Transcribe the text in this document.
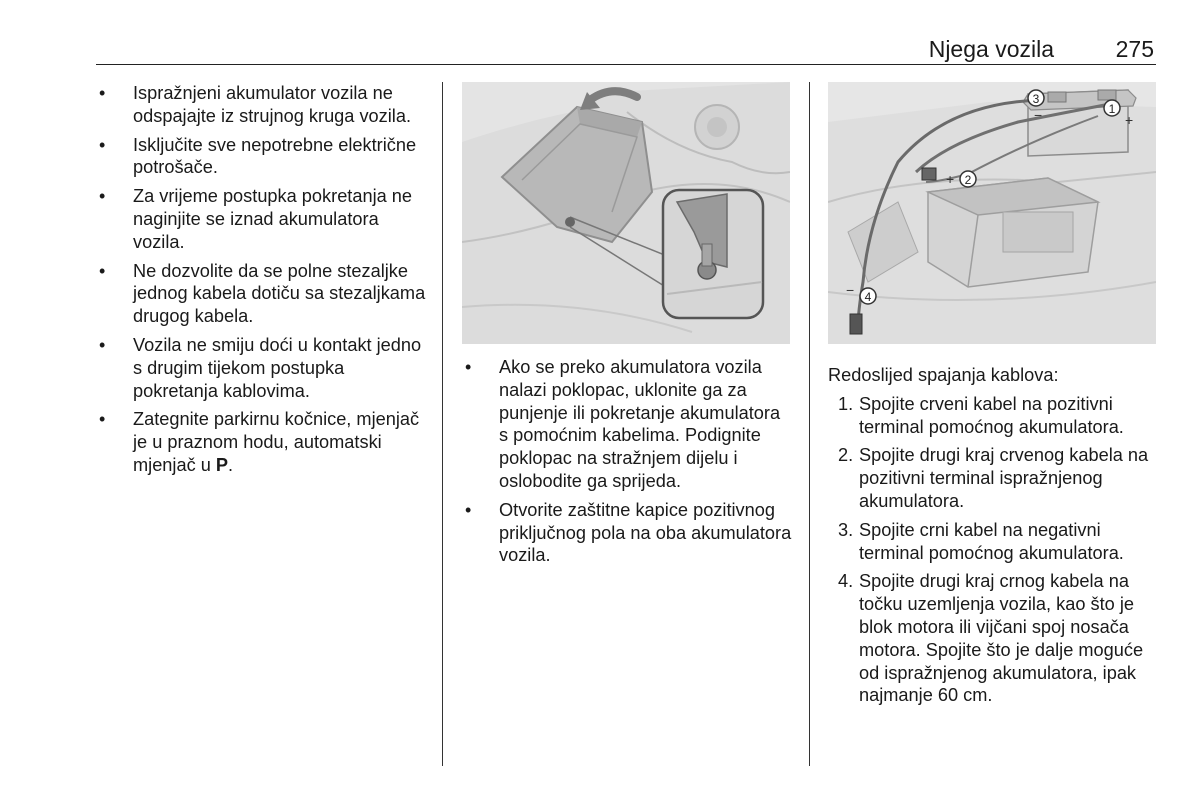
Njega vozila	275
• Ispražnjeni akumulator vozila ne odspajajte iz strujnog kruga vozila.
• Isključite sve nepotrebne električne potrošače.
• Za vrijeme postupka pokretanja ne naginjite se iznad akumulatora vozila.
• Ne dozvolite da se polne stezaljke jednog kabela dotiču sa stezaljkama drugog kabela.
• Vozila ne smiju doći u kontakt jedno s drugim tijekom postupka pokretanja kablovima.
• Zategnite parkirnu kočnice, mjenjač je u praznom hodu, automatski mjenjač u P.
• Ako se preko akumulatora vozila nalazi poklopac, uklonite ga za punjenje ili pokretanje akumulatora s pomoćnim kabelima. Podignite poklopac na stražnjem dijelu i oslobodite ga sprijeda.
• Otvorite zaštitne kapice pozitivnog priključnog pola na oba akumulatora vozila.
+
−
+
−
1
2
3
4
Redoslijed spajanja kablova:
1. Spojite crveni kabel na pozitivni terminal pomoćnog akumulatora.
2. Spojite drugi kraj crvenog kabela na pozitivni terminal ispražnjenog akumulatora.
3. Spojite crni kabel na negativni terminal pomoćnog akumulatora.
4. Spojite drugi kraj crnog kabela na točku uzemljenja vozila, kao što je blok motora ili vijčani spoj nosača motora. Spojite što je dalje moguće od ispražnjenog akumulatora, ipak najmanje 60 cm.
